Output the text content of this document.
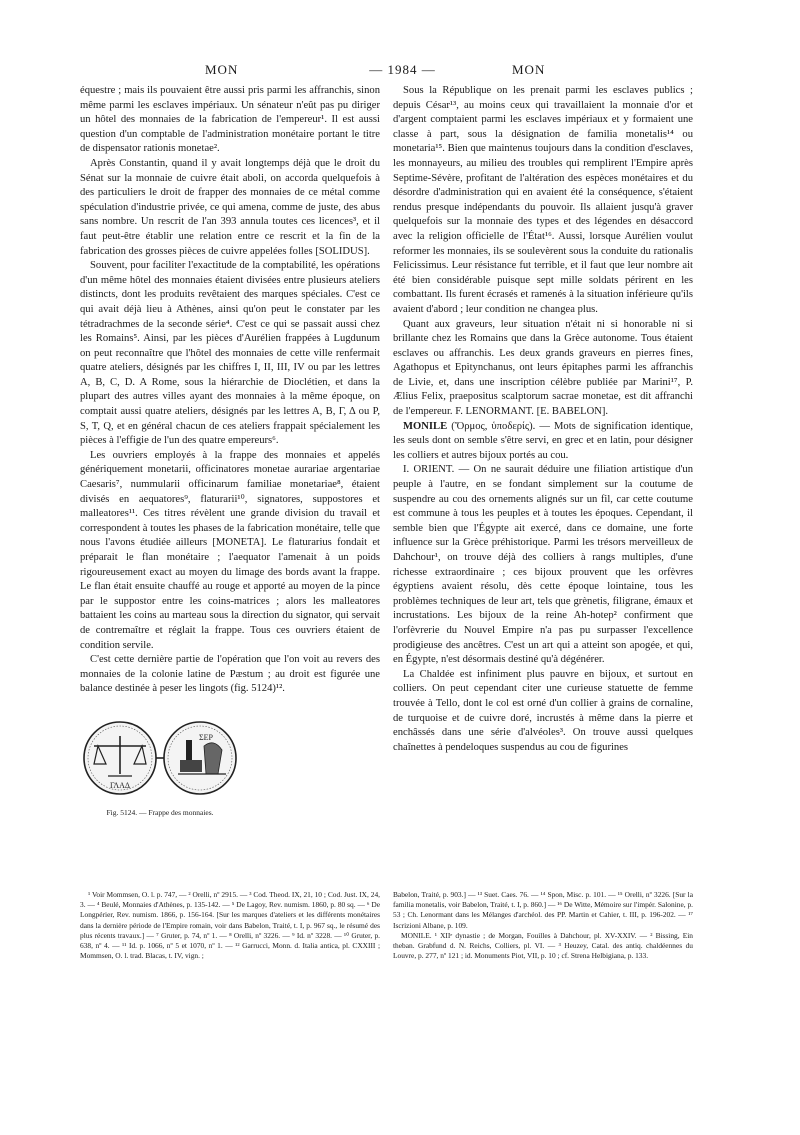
MON	— 1984 —	MON

équestre ; mais ils pouvaient être aussi pris parmi les affranchis, sinon même parmi les esclaves impériaux. Un sénateur n'eût pas pu diriger un hôtel des monnaies de la fabrication de l'empereur¹. Il est aussi question d'un comptable de l'administration monétaire portant le titre de dispensator rationis monetae².

Après Constantin, quand il y avait longtemps déjà que le droit du Sénat sur la monnaie de cuivre était aboli, on accorda quelquefois à des particuliers le droit de frapper des monnaies de ce métal comme spéculation d'industrie privée, ce qui amena, comme de juste, des abus sans nombre. Un rescrit de l'an 393 annula toutes ces licences³, et il faut peut-être établir une relation entre ce rescrit et la fin de la fabrication des grosses pièces de cuivre appelées folles [SOLIDUS].

Souvent, pour faciliter l'exactitude de la comptabilité, les opérations d'un même hôtel des monnaies étaient divisées entre plusieurs ateliers distincts, dont les produits revêtaient des marques spéciales. C'est ce qui avait déjà lieu à Athènes, ainsi qu'on peut le constater par les tétradrachmes de la seconde série⁴. C'est ce qui se passait aussi chez les Romains⁵. Ainsi, par les pièces d'Aurélien frappées à Lugdunum on peut reconnaître que l'hôtel des monnaies de cette ville renfermait quatre ateliers, désignés par les chiffres I, II, III, IV ou par les lettres A, B, C, D. A Rome, sous la hiérarchie de Dioclétien, et dans la plupart des autres villes ayant des monnaies à la même époque, on comptait aussi quatre ateliers, désignés par les lettres A, B, Γ, Δ ou P, S, T, Q, et en général chacun de ces ateliers frappait spécialement les pièces à l'effigie de l'un des quatre empereurs⁶.

Les ouvriers employés à la frappe des monnaies et appelés génériquement monetarii, officinatores monetae aurariae argentariae Caesaris⁷, nummularii officinarum familiae monetariae⁸, étaient divisés en aequatores⁹, flaturarii¹⁰, signatores, suppostores et malleatores¹¹. Ces titres révèlent une grande division du travail et correspondent à toutes les phases de la fabrication monétaire, telle que nous l'avons étudiée ailleurs [MONETA]. Le flaturarius fondait et préparait le flan monétaire ; l'aequator l'amenait à un poids rigoureusement exact au moyen du limage des bords avant la frappe. Le flan était ensuite chauffé au rouge et apporté au moyen de la pince par le suppostor entre les coins-matrices ; alors les malleatores battaient les coins au marteau sous la direction du signator, qui servait de contremaître et réglait la frappe. Tous ces ouvriers étaient de condition servile.

C'est cette dernière partie de l'opération que l'on voit au revers des monnaies de la colonie latine de Pæstum ; au droit est figurée une balance destinée à peser les lingots (fig. 5124)¹².

ΓΛΑΔ
ΣΕΡ
Fig. 5124. — Frappe des monnaies.

Sous la République on les prenait parmi les esclaves publics ; depuis César¹³, au moins ceux qui travaillaient la monnaie d'or et d'argent comptaient parmi les esclaves impériaux et y formaient une classe à part, sous la désignation de familia monetalis¹⁴ ou monetaria¹⁵. Bien que maintenus toujours dans la condition d'esclaves, les monnayeurs, au milieu des troubles qui remplirent l'Empire après Septime-Sévère, profitant de l'altération des espèces monétaires et du désordre d'administration qui en avaient été la conséquence, s'étaient rendus presque indépendants du pouvoir. Ils allaient jusqu'à graver quelquefois sur la monnaie des types et des légendes en désaccord avec la religion officielle de l'État¹⁶. Aussi, lorsque Aurélien voulut reformer les monnaies, ils se soulevèrent sous la conduite du rationalis Felicissimus. Leur résistance fut terrible, et il faut que leur nombre ait été bien considérable puisque sept mille soldats périrent en les combattant. Ils furent écrasés et ramenés à la situation inférieure qu'ils avaient d'abord ; leur condition ne changea plus.

Quant aux graveurs, leur situation n'était ni si honorable ni si brillante chez les Romains que dans la Grèce autonome. Tous étaient esclaves ou affranchis. Les deux grands graveurs en pierres fines, Agathopus et Epitynchanus, ont leurs épitaphes parmi les affranchis de Livie, et, dans une inscription célèbre publiée par Marini¹⁷, P. Ælius Felix, praepositus scalptorum sacrae monetae, est dit affranchi de l'empereur. F. LENORMANT. [E. BABELON].

MONILE (Ὅρμος, ὑποδερίς). — Mots de signification identique, les seuls dont on semble s'être servi, en grec et en latin, pour désigner les colliers et autres bijoux portés au cou.

I. ORIENT. — On ne saurait déduire une filiation artistique d'un peuple à l'autre, en se fondant simplement sur la coutume de suspendre au cou des ornements alignés sur un fil, car cette coutume est commune à tous les peuples et à toutes les époques. Cependant, il semble bien que l'Égypte ait exercé, dans ce domaine, une forte influence sur la Grèce préhistorique. Parmi les trésors merveilleux de Dahchour¹, on trouve déjà des colliers à rangs multiples, d'une richesse extraordinaire ; ces bijoux prouvent que les orfèvres égyptiens avaient résolu, dès cette époque lointaine, tous les problèmes techniques de leur art, tels que grènetis, filigrane, émaux et incrustations. Les bijoux de la reine Ah-hotep² confirment que l'orfèvrerie du Nouvel Empire n'a pas pu surpasser l'excellence prodigieuse des ancêtres. C'est un art qui a atteint son apogée, et qui, en Égypte, n'est désormais destiné qu'à dégénérer.

La Chaldée est infiniment plus pauvre en bijoux, et surtout en colliers. On peut cependant citer une curieuse statuette de femme trouvée à Tello, dont le col est orné d'un collier à grains de cornaline, de turquoise et de cuivre doré, incrustés à même dans la pierre et enchâssés dans une série d'alvéoles³. On trouve aussi quelques chaînettes à pendeloques suspendus au cou de figurines

¹ Voir Mommsen, O. l. p. 747, — ² Orelli, nº 2915. — ³ Cod. Theod. IX, 21, 10 ; Cod. Just. IX, 24, 3. — ⁴ Beulé, Monnaies d'Athènes, p. 135-142. — ⁵ De Lagoy, Rev. numism. 1860, p. 80 sq. — ⁶ De Longpérier, Rev. numism. 1866, p. 156-164. [Sur les marques d'ateliers et les différents monétaires dans la dernière période de l'Empire romain, voir dans Babelon, Traité, t. I, p. 967 sq., le résumé des plus récents travaux.] — ⁷ Gruter, p. 74, nº 1. — ⁸ Orelli, nº 3226. — ⁹ Id. nº 3228. — ¹⁰ Gruter, p. 638, nº 4. — ¹¹ Id. p. 1066, nº 5 et 1070, nº 1. — ¹² Garrucci, Monn. d. Italia antica, pl. CXXIII ; Mommsen, O. l. trad. Blacas, t. IV, vign. ;

Babelon, Traité, p. 903.] — ¹³ Suet. Caes. 76. — ¹⁴ Spon, Misc. p. 101. — ¹⁵ Orelli, nº 3226. [Sur la familia monetalis, voir Babelon, Traité, t. I, p. 860.] — ¹⁶ De Witte, Mémoire sur l'impér. Salonine, p. 53 ; Ch. Lenormant dans les Mélanges d'archéol. des PP. Martin et Cahier, t. III, p. 196-202. — ¹⁷ Iscrizioni Albane, p. 109.

MONILE. ¹ XIIᵉ dynastie ; de Morgan, Fouilles à Dahchour, pl. XV-XXIV. — ² Bissing, Ein theban. Grabfund d. N. Reichs, Colliers, pl. VI. — ³ Heuzey, Catal. des antiq. chaldéennes du Louvre, p. 277, nº 121 ; id. Monuments Piot, VII, p. 10 ; cf. Strena Helbigiana, p. 133.
